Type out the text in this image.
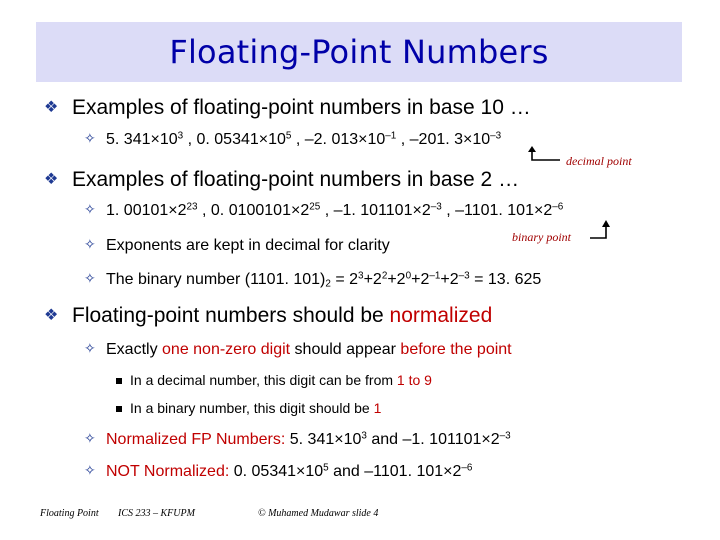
Floating-Point Numbers
❖ Examples of floating-point numbers in base 10 …
✧ 5. $341\times 10^3$ , 0. $05341\times 10^5$ , –2. $013\times 10^{-1}$ , –201. $3\times 10^{-3}$
decimal point
❖ Examples of floating-point numbers in base 2 …
✧ 1. $00101\times 2^{23}$ , 0. $0100101\times 2^{25}$ , –1. $101101\times 2^{-3}$ , –1101. $101\times 2^{-6}$
✧ Exponents are kept in decimal for clarity	binary point
✧ The binary number (1101. $101)_2 = 2^3+2^2+2^0+2^{-1}+2^{-3} = 13$. 625
❖ Floating-point numbers should be normalized
✧ Exactly one non-zero digit should appear before the point
In a decimal number, this digit can be from 1 to 9
In a binary number, this digit should be 1
✧ Normalized FP Numbers: 5. $341\times 10^3$ and –1. $101101\times 2^{-3}$
✧ NOT Normalized: 0. $05341\times 10^5$ and –1101. $101\times 2^{-6}$
Floating Point ICS 233 – KFUPM	© Muhamed Mudawar slide 4
